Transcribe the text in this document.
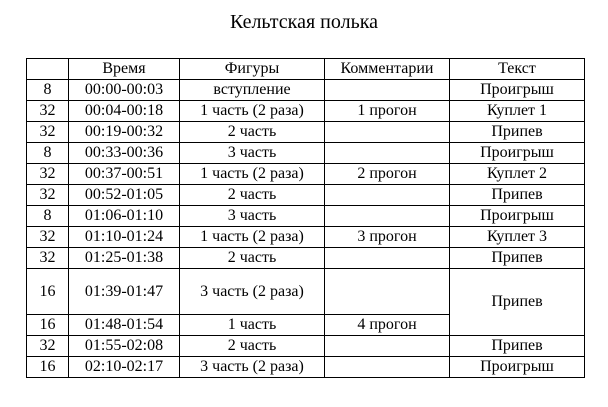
Кельтская полька
	Время	Фигуры	Комментарии	Текст
8	00:00-00:03	вступление		Проигрыш
32	00:04-00:18	1 часть (2 раза)	1 прогон	Куплет 1
32	00:19-00:32	2 часть		Припев
8	00:33-00:36	3 часть		Проигрыш
32	00:37-00:51	1 часть (2 раза)	2 прогон	Куплет 2
32	00:52-01:05	2 часть		Припев
8	01:06-01:10	3 часть		Проигрыш
32	01:10-01:24	1 часть (2 раза)	3 прогон	Куплет 3
32	01:25-01:38	2 часть		Припев
16	01:39-01:47	3 часть (2 раза)		Припев
16	01:48-01:54	1 часть	4 прогон	
32	01:55-02:08	2 часть		Припев
16	02:10-02:17	3 часть (2 раза)		Проигрыш
